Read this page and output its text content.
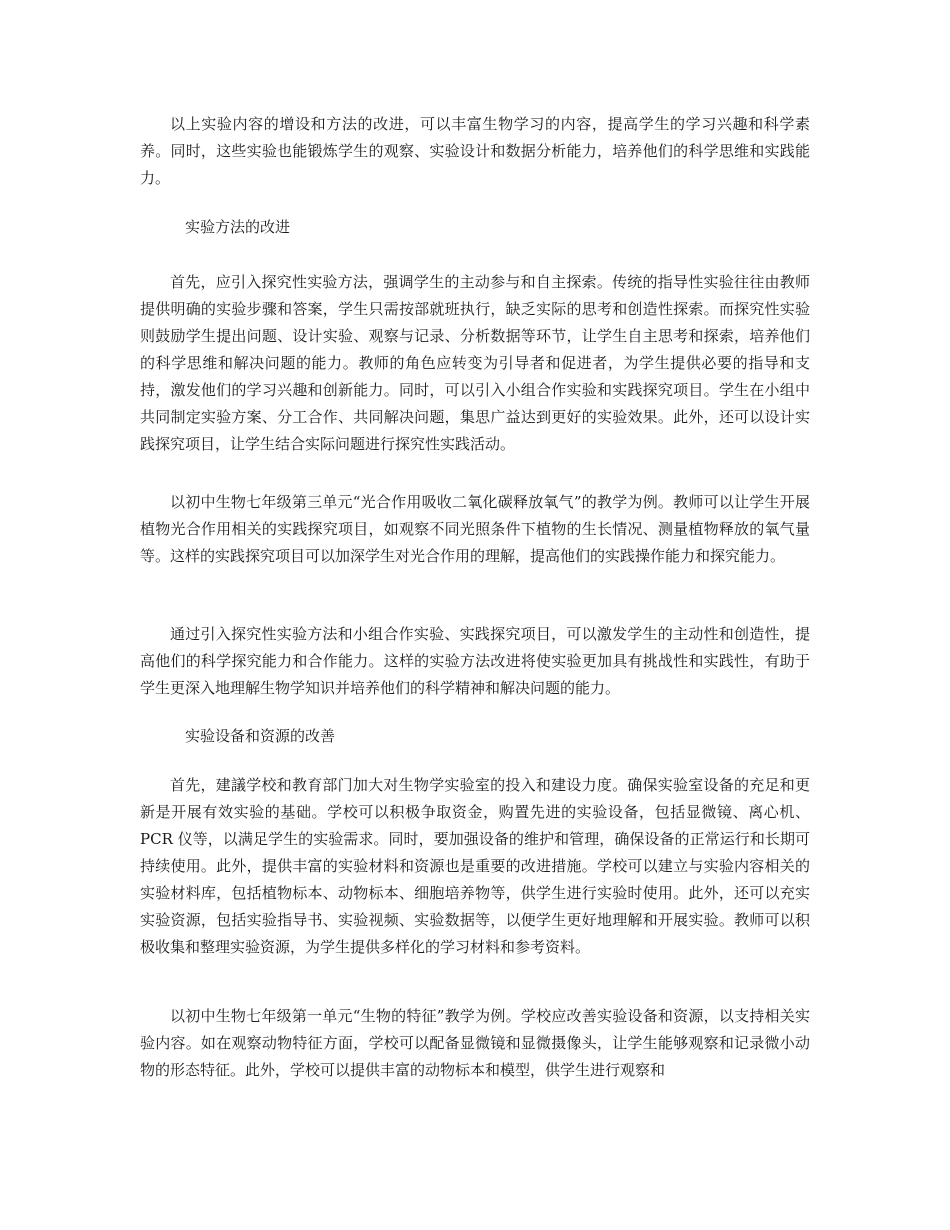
以上实验内容的增设和方法的改进，可以丰富生物学习的内容，提高学生的学习兴趣和科学素养。同时，这些实验也能锻炼学生的观察、实验设计和数据分析能力，培养他们的科学思维和实践能力。

实验方法的改进

首先，应引入探究性实验方法，强调学生的主动参与和自主探索。传统的指导性实验往往由教师提供明确的实验步骤和答案，学生只需按部就班执行，缺乏实际的思考和创造性探索。而探究性实验则鼓励学生提出问题、设计实验、观察与记录、分析数据等环节，让学生自主思考和探索，培养他们的科学思维和解决问题的能力。教师的角色应转变为引导者和促进者，为学生提供必要的指导和支持，激发他们的学习兴趣和创新能力。同时，可以引入小组合作实验和实践探究项目。学生在小组中共同制定实验方案、分工合作、共同解决问题，集思广益达到更好的实验效果。此外，还可以设计实践探究项目，让学生结合实际问题进行探究性实践活动。

以初中生物七年级第三单元“光合作用吸收二氧化碳释放氧气”的教学为例。教师可以让学生开展植物光合作用相关的实践探究项目，如观察不同光照条件下植物的生长情况、测量植物释放的氧气量等。这样的实践探究项目可以加深学生对光合作用的理解，提高他们的实践操作能力和探究能力。

通过引入探究性实验方法和小组合作实验、实践探究项目，可以激发学生的主动性和创造性，提高他们的科学探究能力和合作能力。这样的实验方法改进将使实验更加具有挑战性和实践性，有助于学生更深入地理解生物学知识并培养他们的科学精神和解决问题的能力。

实验设备和资源的改善

首先，建議学校和教育部门加大对生物学实验室的投入和建设力度。确保实验室设备的充足和更新是开展有效实验的基础。学校可以积极争取资金，购置先进的实验设备，包括显微镜、离心机、PCR 仪等，以满足学生的实验需求。同时，要加强设备的维护和管理，确保设备的正常运行和长期可持续使用。此外，提供丰富的实验材料和资源也是重要的改进措施。学校可以建立与实验内容相关的实验材料库，包括植物标本、动物标本、细胞培养物等，供学生进行实验时使用。此外，还可以充实实验资源，包括实验指导书、实验视频、实验数据等，以便学生更好地理解和开展实验。教师可以积极收集和整理实验资源，为学生提供多样化的学习材料和参考资料。

以初中生物七年级第一单元“生物的特征”教学为例。学校应改善实验设备和资源，以支持相关实验内容。如在观察动物特征方面，学校可以配备显微镜和显微摄像头，让学生能够观察和记录微小动物的形态特征。此外，学校可以提供丰富的动物标本和模型，供学生进行观察和
